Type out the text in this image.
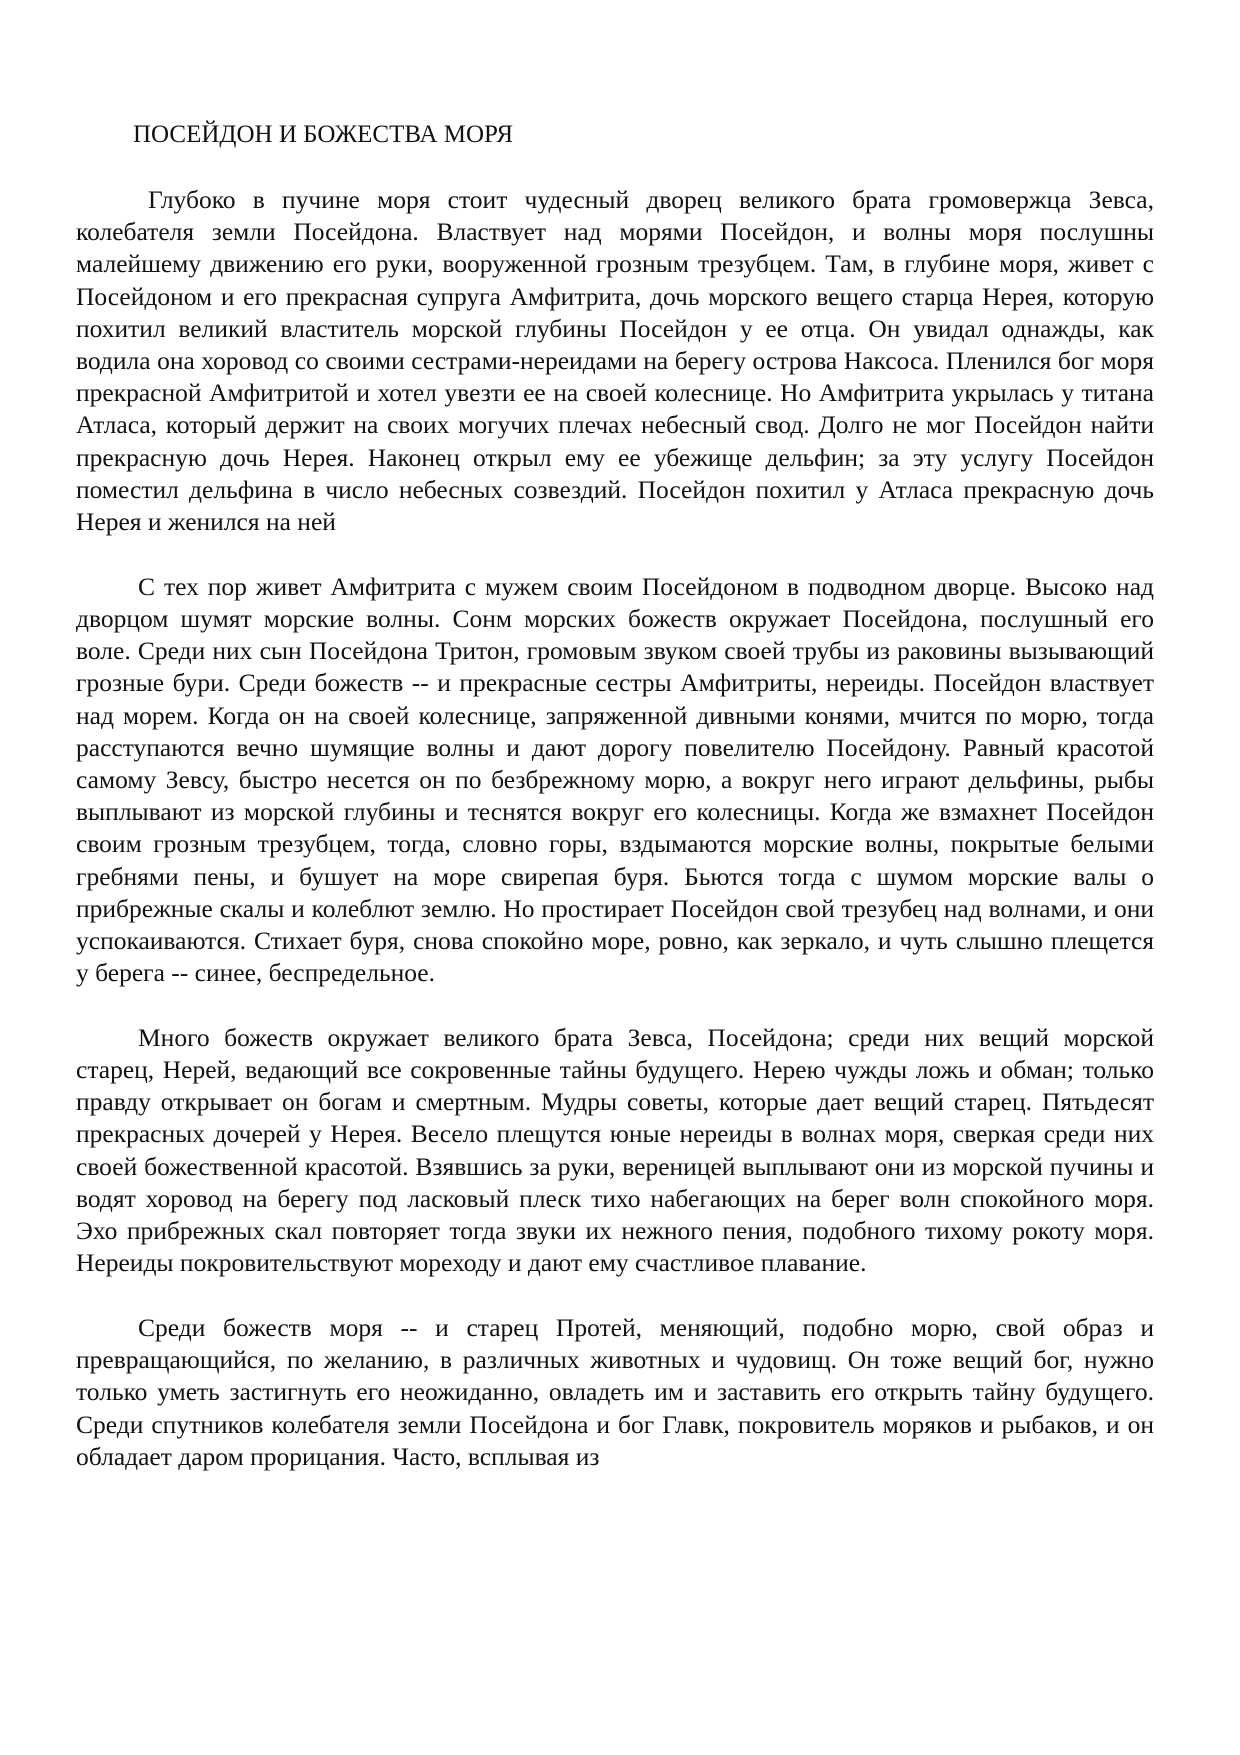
ПОСЕЙДОН И БОЖЕСТВА МОРЯ

Глубоко в пучине моря стоит чудесный дворец великого брата громовержца Зевса, колебателя земли Посейдона. Властвует над морями Посейдон, и волны моря послушны малейшему движению его руки, вооруженной грозным трезубцем. Там, в глубине моря, живет с Посейдоном и его прекрасная супруга Амфитрита, дочь морского вещего старца Нерея, которую похитил великий властитель морской глубины Посейдон у ее отца. Он увидал однажды, как водила она хоровод со своими сестрами-нереидами на берегу острова Наксоса. Пленился бог моря прекрасной Амфитритой и хотел увезти ее на своей колеснице. Но Амфитрита укрылась у титана Атласа, который держит на своих могучих плечах небесный свод. Долго не мог Посейдон найти прекрасную дочь Нерея. Наконец открыл ему ее убежище дельфин; за эту услугу Посейдон поместил дельфина в число небесных созвездий. Посейдон похитил у Атласа прекрасную дочь Нерея и женился на ней

С тех пор живет Амфитрита с мужем своим Посейдоном в подводном дворце. Высоко над дворцом шумят морские волны. Сонм морских божеств окружает Посейдона, послушный его воле. Среди них сын Посейдона Тритон, громовым звуком своей трубы из раковины вызывающий грозные бури. Среди божеств -- и прекрасные сестры Амфитриты, нереиды. Посейдон властвует над морем. Когда он на своей колеснице, запряженной дивными конями, мчится по морю, тогда расступаются вечно шумящие волны и дают дорогу повелителю Посейдону. Равный красотой самому Зевсу, быстро несется он по безбрежному морю, а вокруг него играют дельфины, рыбы выплывают из морской глубины и теснятся вокруг его колесницы. Когда же взмахнет Посейдон своим грозным трезубцем, тогда, словно горы, вздымаются морские волны, покрытые белыми гребнями пены, и бушует на море свирепая буря. Бьются тогда с шумом морские валы о прибрежные скалы и колеблют землю. Но простирает Посейдон свой трезубец над волнами, и они успокаиваются. Стихает буря, снова спокойно море, ровно, как зеркало, и чуть слышно плещется у берега -- синее, беспредельное.

Много божеств окружает великого брата Зевса, Посейдона; среди них вещий морской старец, Нерей, ведающий все сокровенные тайны будущего. Нерею чужды ложь и обман; только правду открывает он богам и смертным. Мудры советы, которые дает вещий старец. Пятьдесят прекрасных дочерей у Нерея. Весело плещутся юные нереиды в волнах моря, сверкая среди них своей божественной красотой. Взявшись за руки, вереницей выплывают они из морской пучины и водят хоровод на берегу под ласковый плеск тихо набегающих на берег волн спокойного моря. Эхо прибрежных скал повторяет тогда звуки их нежного пения, подобного тихому рокоту моря. Нереиды покровительствуют мореходу и дают ему счастливое плавание.

Среди божеств моря -- и старец Протей, меняющий, подобно морю, свой образ и превращающийся, по желанию, в различных животных и чудовищ. Он тоже вещий бог, нужно только уметь застигнуть его неожиданно, овладеть им и заставить его открыть тайну будущего. Среди спутников колебателя земли Посейдона и бог Главк, покровитель моряков и рыбаков, и он обладает даром прорицания. Часто, всплывая из
